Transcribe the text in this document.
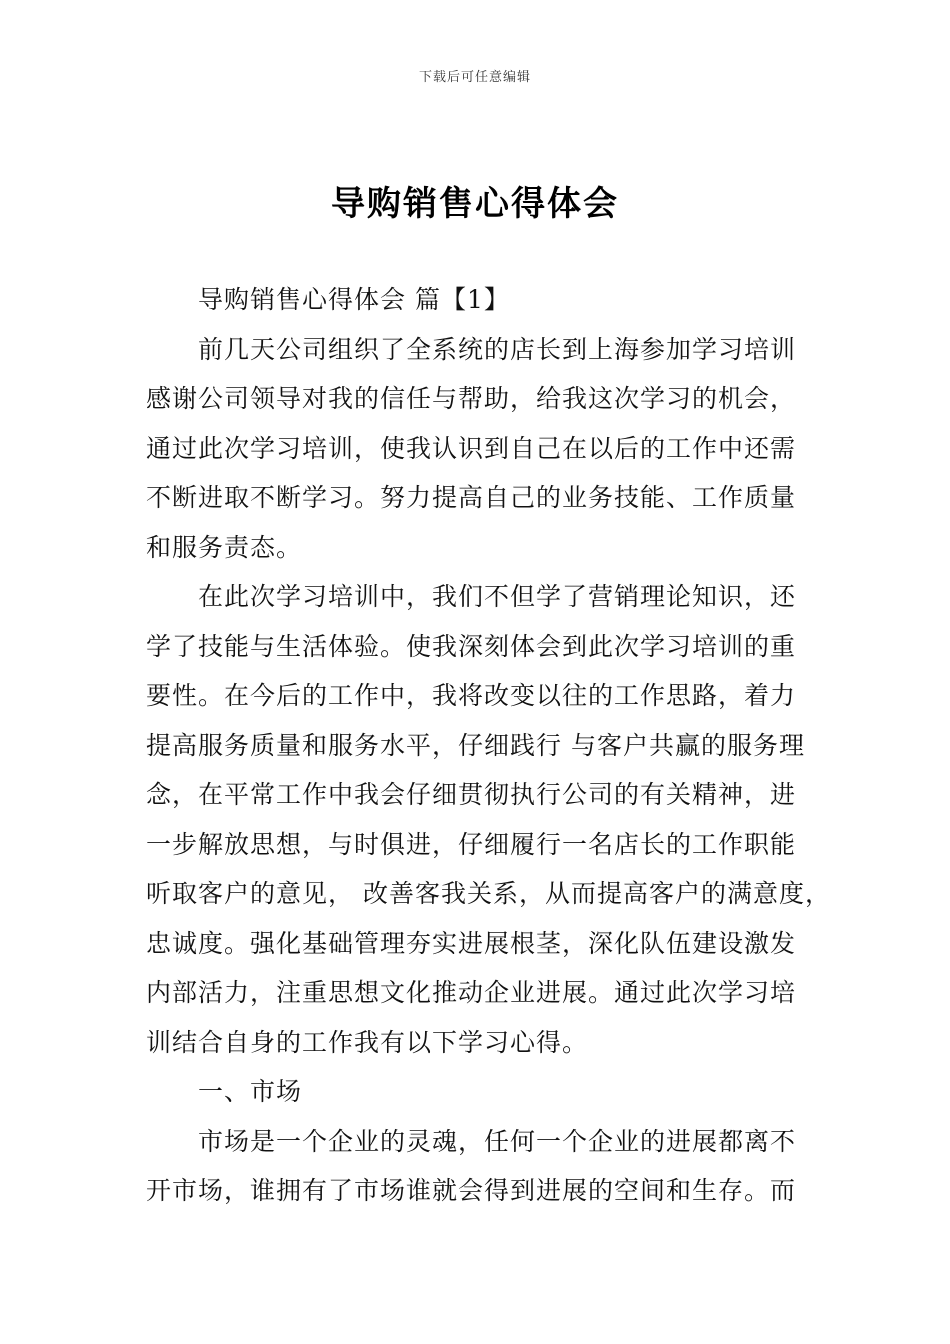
下载后可任意编辑
导购销售心得体会
导购销售心得体会 篇【1】
前几天公司组织了全系统的店长到上海参加学习培训
感谢公司领导对我的信任与帮助，给我这次学习的机会，
通过此次学习培训，使我认识到自己在以后的工作中还需
不断进取不断学习。努力提高自己的业务技能、工作质量
和服务责态。
在此次学习培训中，我们不但学了营销理论知识，还
学了技能与生活体验。使我深刻体会到此次学习培训的重
要性。在今后的工作中，我将改变以往的工作思路，着力
提高服务质量和服务水平，仔细践行 与客户共赢的服务理
念，在平常工作中我会仔细贯彻执行公司的有关精神，进
一步解放思想，与时俱进，仔细履行一名店长的工作职能
听取客户的意见， 改善客我关系，从而提高客户的满意度，
忠诚度。强化基础管理夯实进展根茎，深化队伍建设激发
内部活力，注重思想文化推动企业进展。通过此次学习培
训结合自身的工作我有以下学习心得。
一、市场
市场是一个企业的灵魂，任何一个企业的进展都离不
开市场，谁拥有了市场谁就会得到进展的空间和生存。而
